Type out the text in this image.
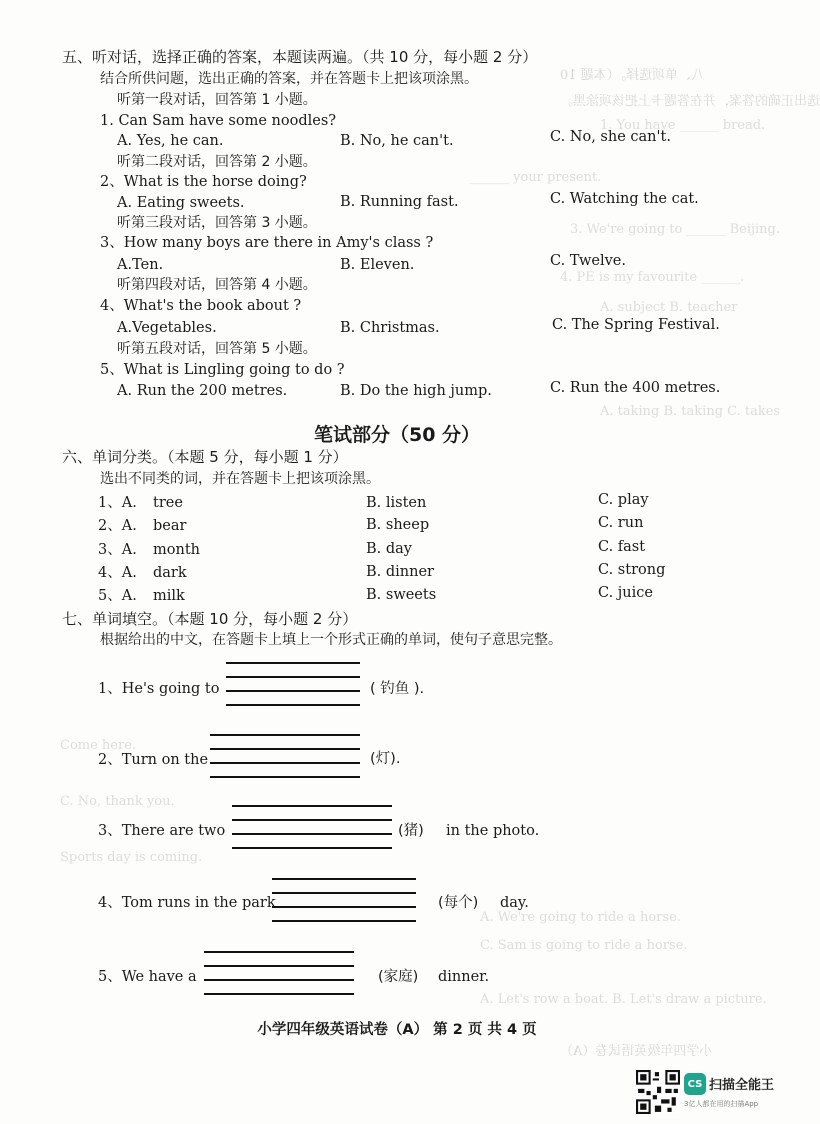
八、单项选择。（本题 10
选出正确的答案，并在答题卡上把该项涂黑。
1. You have ______ bread.
______ your present.
3. We're going to ______ Beijing.
4. PE is my favourite ______.
A. subject B. teacher
A. taking B. taking C. takes
Come here.
C. No, thank you.
Sports day is coming.
A. We're going to ride a horse.
C. Sam is going to ride a horse.
A. Let's row a boat. B. Let's draw a picture.
小学四年级英语试卷（A）
五、听对话，选择正确的答案，本题读两遍。（共 10 分，每小题 2 分）
结合所供问题，选出正确的答案，并在答题卡上把该项涂黑。
听第一段对话，回答第 1 小题。
1. Can Sam have some noodles?
A. Yes, he can.	B. No, he can't.	C. No, she can't.
听第二段对话，回答第 2 小题。
2、What is the horse doing?
A. Eating sweets.	B. Running fast.	C. Watching the cat.
听第三段对话，回答第 3 小题。
3、How many boys are there in Amy's class ?
A.Ten.	B. Eleven.	C. Twelve.
听第四段对话，回答第 4 小题。
4、What's the book about ?
A.Vegetables.	B. Christmas.	C. The Spring Festival.
听第五段对话，回答第 5 小题。
5、What is Lingling going to do ?
A. Run the 200 metres.	B. Do the high jump.	C. Run the 400 metres.
笔试部分（50 分）
六、单词分类。（本题 5 分，每小题 1 分）
选出不同类的词，并在答题卡上把该项涂黑。
1、A. tree	B. listen	C. play
2、A. bear	B. sheep	C. run
3、A. month	B. day	C. fast
4、A. dark	B. dinner	C. strong
5、A. milk	B. sweets	C. juice
七、单词填空。（本题 10 分，每小题 2 分）
根据给出的中文，在答题卡上填上一个形式正确的单词，使句子意思完整。
1、He's going to	( 钓鱼 ).
2、Turn on the	(灯).
3、There are two	(猪) in the photo.
4、Tom runs in the park	(每个) day.
5、We have a	(家庭) dinner.
小学四年级英语试卷（A） 第 2 页 共 4 页
CS 扫描全能王
3亿人都在用的扫描App
